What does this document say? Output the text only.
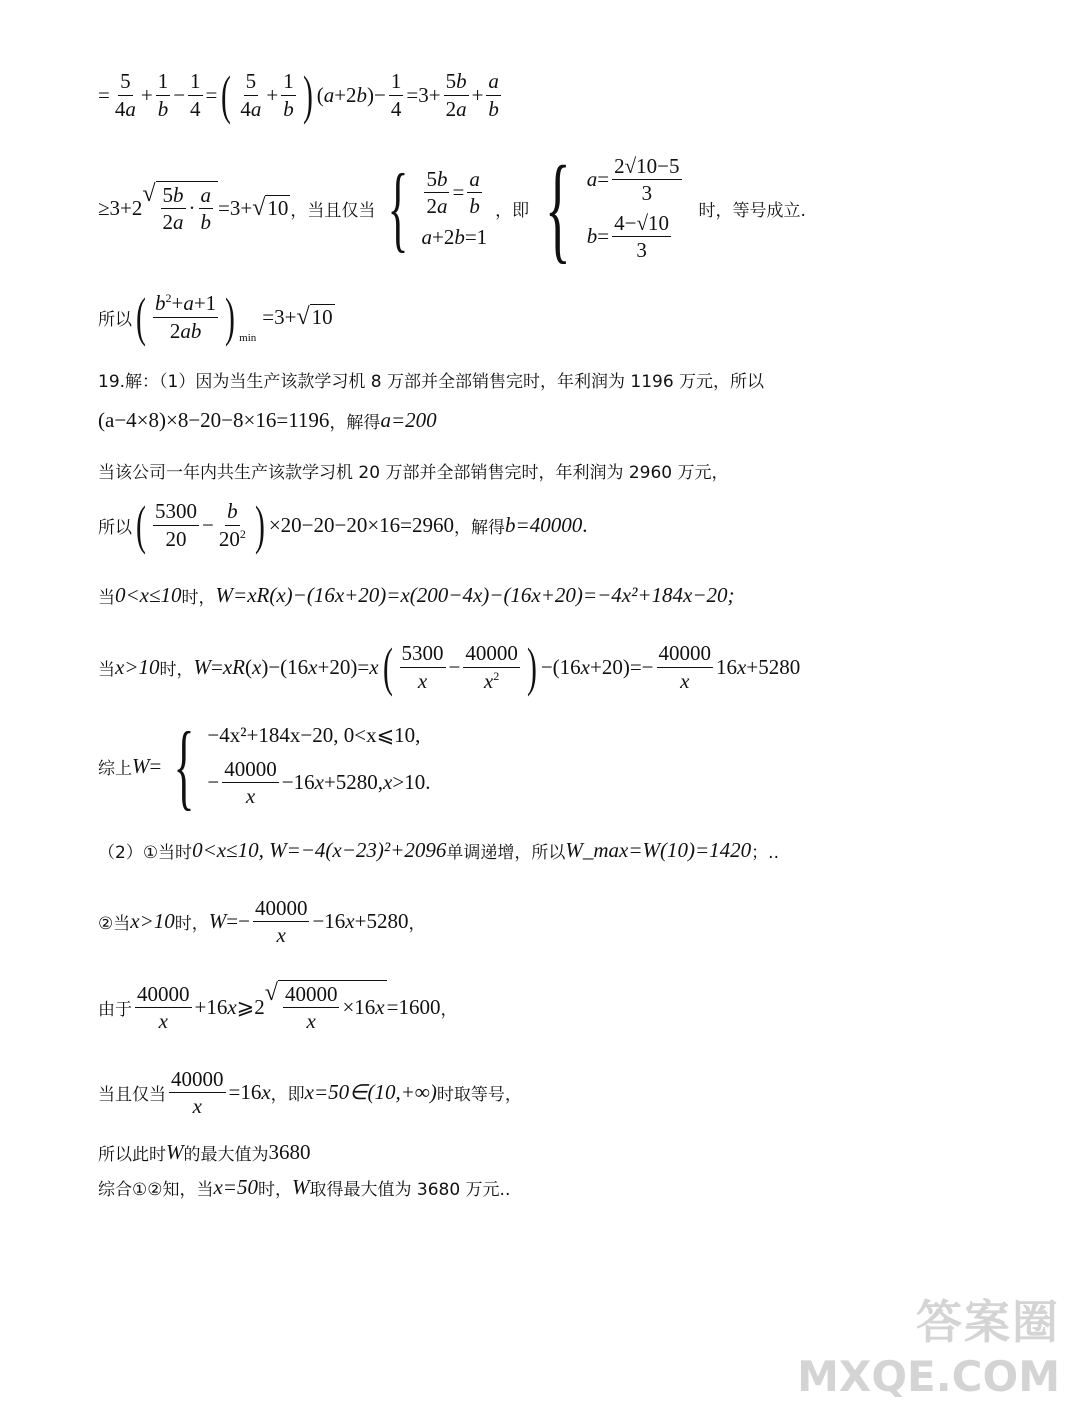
= $\frac{5}{4a} + \frac{1}{b} - \frac{1}{4}$ = ( $\frac{5}{4a} + \frac{1}{b}$ ) $(a+2b)- \frac{1}{4} =3+ \frac{5b}{2a} + \frac{a}{b}$
≥3+2
√ $\frac{5b}{2a} \cdot \frac{a}{b} =3+$ √ 10 ，当且仅当 { $\frac{5b}{2a} = \frac{a}{b}$
a +2 b =1
，即 { $a = \frac{2√10-5}{3}$
$b = \frac{4-√10}{3}$ 时，等号成立.
所以 ( $\frac{b^2+a+1}{2ab}$ ) $_{min}$
=3+ √ 10
19.解：（1）因为当生产该款学习机 8 万部并全部销售完时，年利润为 1196 万元，所以
(a−4×8)×8−20−8×16=1196 ，解得 a=200
当该公司一年内共生产该款学习机 20 万部并全部销售完时，年利润为 2960 万元，
所以 ( $\frac{5300}{20} - \frac{b}{20^2}$ ) ×20−20−20×16=2960 ，解得 b=40000 .
当 0<x≤10 时， W=xR(x)−(16x+20)=x(200−4x)−(16x+20)=−4x²+184x−20;
当 x>10 时， W=xR(x)−(16x+20)=x ( $\frac{5300}{x} - \frac{40000}{x^2}$ ) $-(16x+20)=- \frac{40000}{x} 16x+5280$
综上 W= { −4x²+184x−20, 0<x⩽10,
− $\frac{40000}{x} -16$ x +5280, x >10.
（2）①当时 0<x≤10, W=−4(x−23)²+2096 单调递增，所以 W_max=W(10)=1420 ；..
②当 x>10 时， $W=- \frac{40000}{x} -16x+5280$ ，
由于 $\frac{40000}{x}$ +16x⩾2
√ $\frac{40000}{x} \times 16$ x =1600 ，
当且仅当 $\frac{40000}{x} =16x$ ，即 x=50∈(10,+∞) 时取等号，
所以此时 W 的最大值为 3680
综合①②知，当 x=50 时， W 取得最大值为 3680 万元..
答案圈
MXQE.COM
